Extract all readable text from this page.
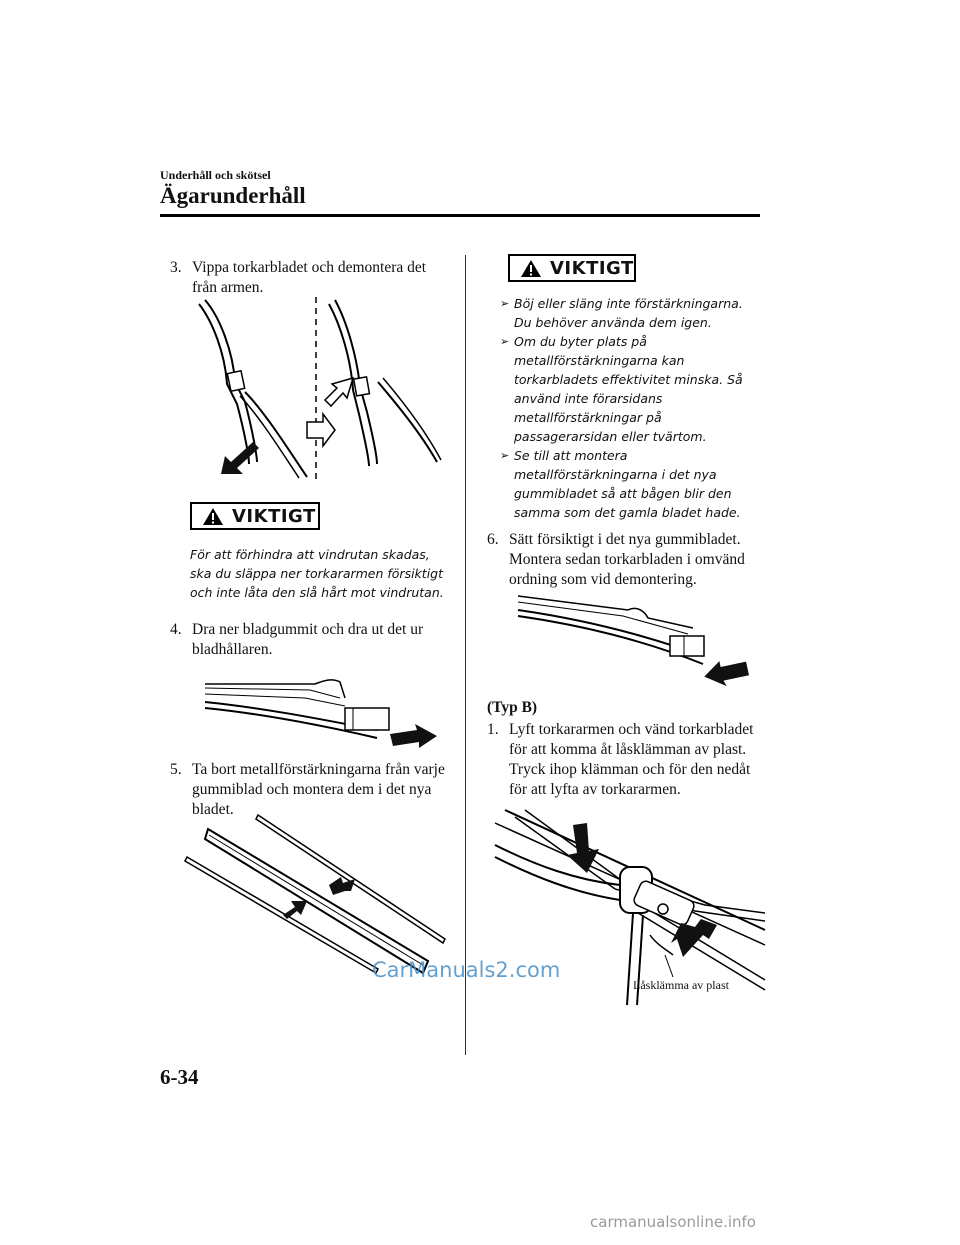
Underhåll och skötsel
Ägarunderhåll
3. Vippa torkarbladet och demontera det från armen.
VIKTIGT
För att förhindra att vindrutan skadas, ska du släppa ner torkararmen försiktigt och inte låta den slå hårt mot vindrutan.
4. Dra ner bladgummit och dra ut det ur bladhållaren.
5. Ta bort metallförstärkningarna från varje gummiblad och montera dem i det nya bladet.
VIKTIGT
➢ Böj eller släng inte förstärkningarna. Du behöver använda dem igen.
➢ Om du byter plats på metallförstärkningarna kan torkarbladets effektivitet minska. Så använd inte förarsidans metallförstärkningar på passagerarsidan eller tvärtom.
➢ Se till att montera metallförstärkningarna i det nya gummibladet så att bågen blir den samma som det gamla bladet hade.
6. Sätt försiktigt i det nya gummibladet. Montera sedan torkarbladen i omvänd ordning som vid demontering.
(Typ B)
1. Lyft torkararmen och vänd torkarbladet för att komma åt låsklämman av plast. Tryck ihop klämman och för den nedåt för att lyfta av torkararmen.
Låsklämma av plast
6-34
CarManuals2.com
carmanualsonline.info
